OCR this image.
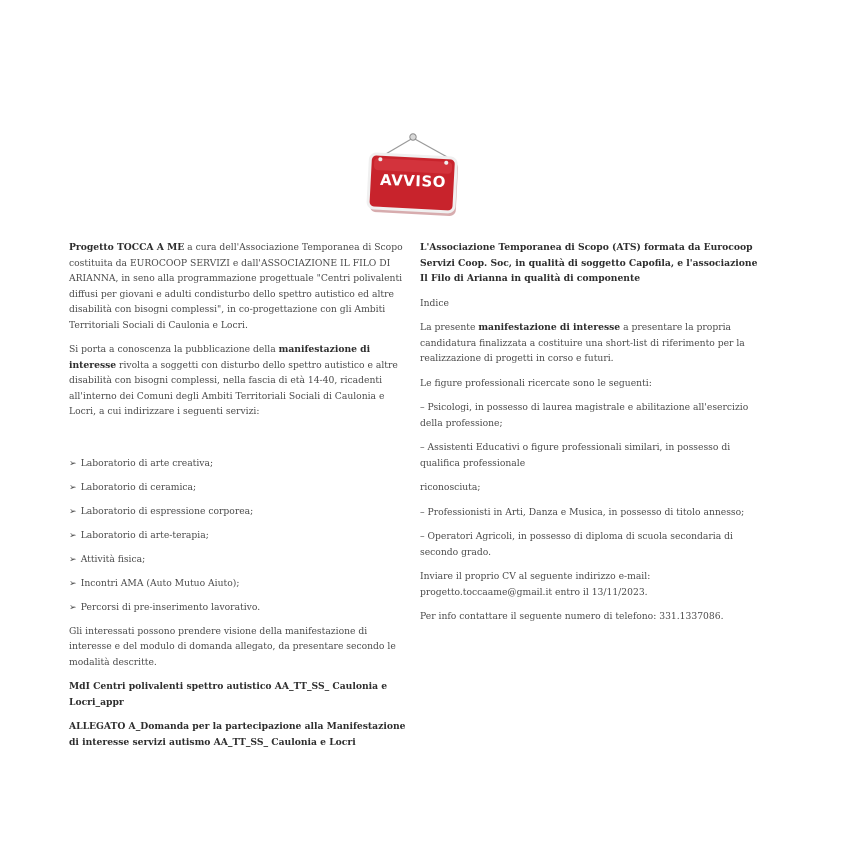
AVVISO

Progetto TOCCA A ME a cura dell'Associazione Temporanea di Scopo costituita da EUROCOOP SERVIZI e dall'ASSOCIAZIONE IL FILO DI ARIANNA, in seno alla programmazione progettuale "Centri polivalenti diffusi per giovani e adulti condisturbo dello spettro autistico ed altre disabilità con bisogni complessi", in co-progettazione con gli Ambiti Territoriali Sociali di Caulonia e Locri.

Si porta a conoscenza la pubblicazione della manifestazione di interesse rivolta a soggetti con disturbo dello spettro autistico e altre disabilità con bisogni complessi, nella fascia di età 14-40, ricadenti all'interno dei Comuni degli Ambiti Territoriali Sociali di Caulonia e Locri, a cui indirizzare i seguenti servizi:

➢ Laboratorio di arte creativa;
➢ Laboratorio di ceramica;
➢ Laboratorio di espressione corporea;
➢ Laboratorio di arte-terapia;
➢ Attività fisica;
➢ Incontri AMA (Auto Mutuo Aiuto);
➢ Percorsi di pre-inserimento lavorativo.

Gli interessati possono prendere visione della manifestazione di interesse e del modulo di domanda allegato, da presentare secondo le modalità descritte.

MdI Centri polivalenti spettro autistico AA_TT_SS_ Caulonia e Locri_appr

ALLEGATO A_Domanda per la partecipazione alla Manifestazione di interesse servizi autismo AA_TT_SS_ Caulonia e Locri

L'Associazione Temporanea di Scopo (ATS) formata da Eurocoop Servizi Coop. Soc, in qualità di soggetto Capofila, e l'associazione Il Filo di Arianna in qualità di componente

Indice

La presente manifestazione di interesse a presentare la propria candidatura finalizzata a costituire una short-list di riferimento per la realizzazione di progetti in corso e futuri.

Le figure professionali ricercate sono le seguenti:

– Psicologi, in possesso di laurea magistrale e abilitazione all'esercizio della professione;

– Assistenti Educativi o figure professionali similari, in possesso di qualifica professionale

riconosciuta;

– Professionisti in Arti, Danza e Musica, in possesso di titolo annesso;

– Operatori Agricoli, in possesso di diploma di scuola secondaria di secondo grado.

Inviare il proprio CV al seguente indirizzo e-mail: progetto.toccaame@gmail.it entro il 13/11/2023.

Per info contattare il seguente numero di telefono: 331.1337086.
